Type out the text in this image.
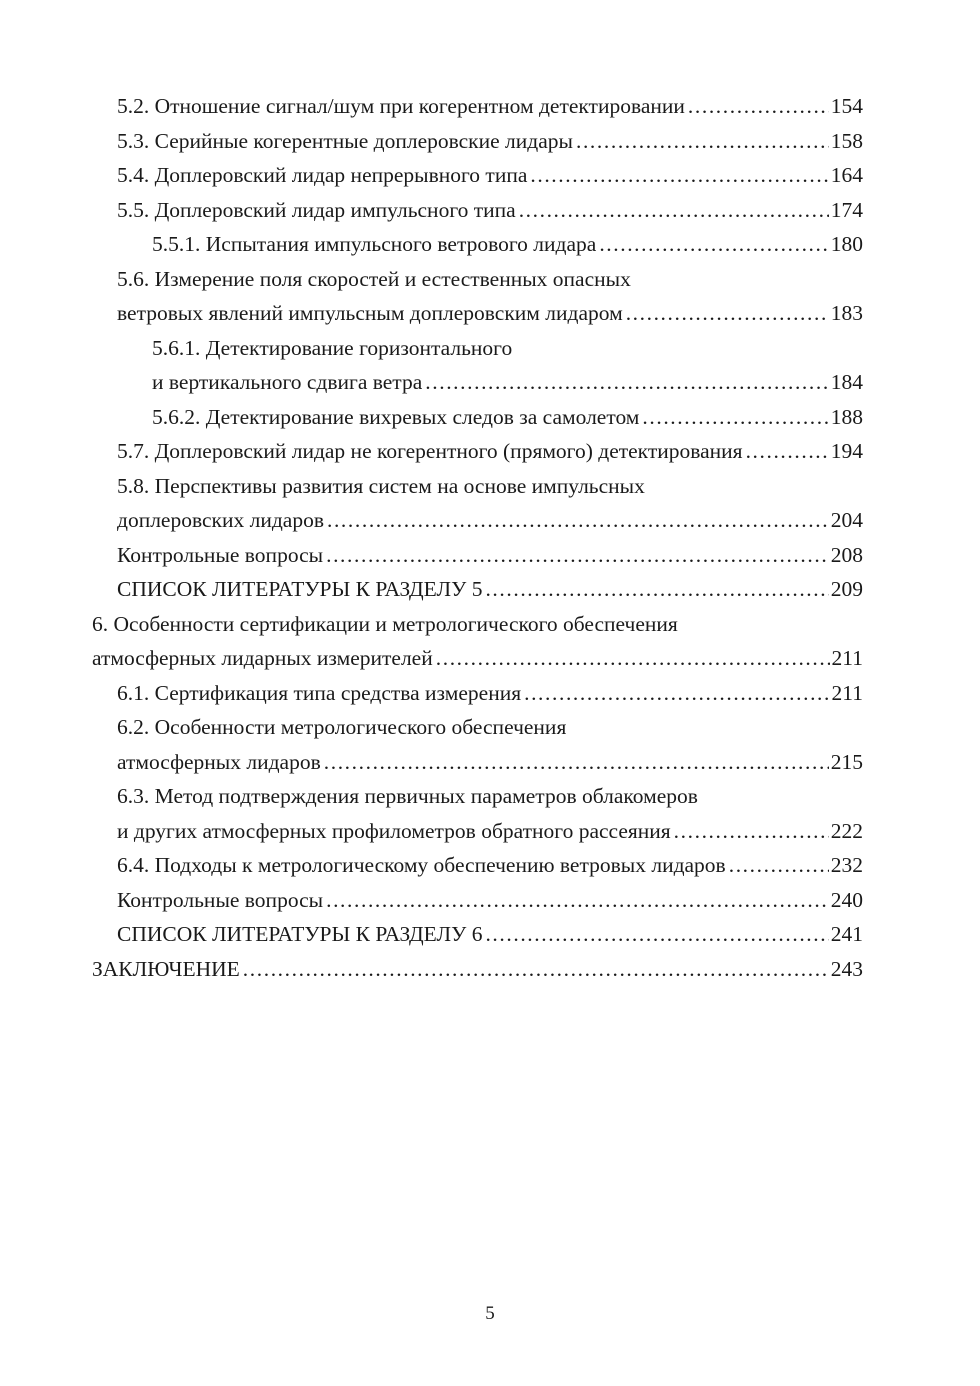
5.2. Отношение сигнал/шум при когерентном детектировании .....	154
5.3. Серийные когерентные доплеровские лидары .....	158
5.4. Доплеровский лидар непрерывного типа .....	164
5.5. Доплеровский лидар импульсного типа .....	174
5.5.1. Испытания импульсного ветрового лидара .....	180
5.6. Измерение поля скоростей и естественных опасных
ветровых явлений импульсным доплеровским лидаром .....	183
5.6.1. Детектирование горизонтального
и вертикального сдвига ветра .....	184
5.6.2. Детектирование вихревых следов за самолетом .....	188
5.7. Доплеровский лидар не когерентного (прямого) детектирования .....	194
5.8. Перспективы развития систем на основе импульсных
доплеровских лидаров .....	204
Контрольные вопросы .....	208
СПИСОК ЛИТЕРАТУРЫ К РАЗДЕЛУ 5 .....	209
6. Особенности сертификации и метрологического обеспечения
атмосферных лидарных измерителей .....	211
6.1. Сертификация типа средства измерения .....	211
6.2. Особенности метрологического обеспечения
атмосферных лидаров .....	215
6.3. Метод подтверждения первичных параметров облакомеров
и других атмосферных профилометров обратного рассеяния .....	222
6.4. Подходы к метрологическому обеспечению ветровых лидаров .....	232
Контрольные вопросы .....	240
СПИСОК ЛИТЕРАТУРЫ К РАЗДЕЛУ 6 .....	241
ЗАКЛЮЧЕНИЕ .....	243
5
